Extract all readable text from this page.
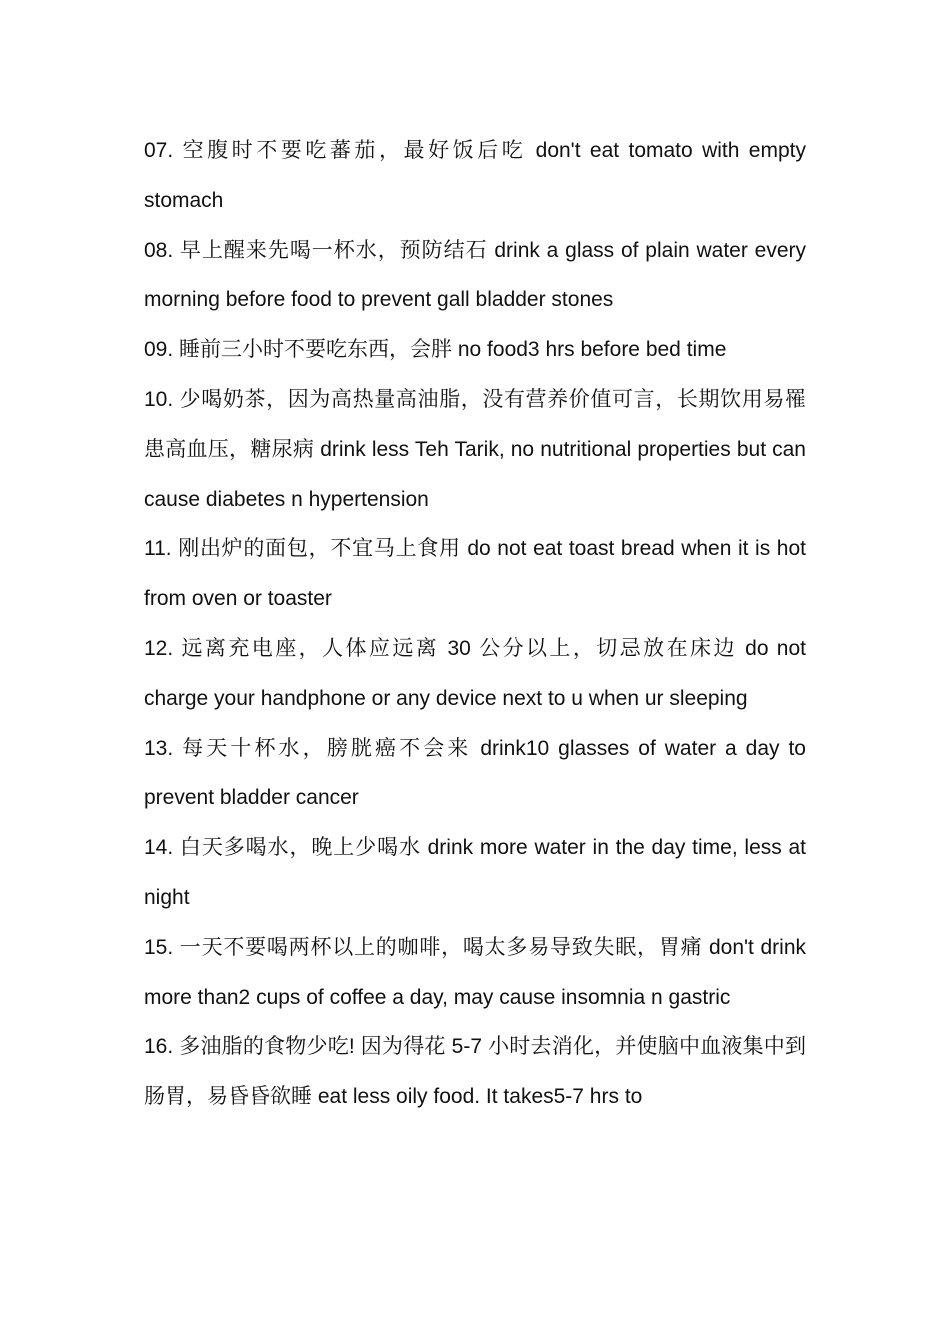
07. 空腹时不要吃蕃茄，最好饭后吃 don't eat tomato with empty stomach

08. 早上醒来先喝一杯水，预防结石 drink a glass of plain water every morning before food to prevent gall bladder stones

09. 睡前三小时不要吃东西，会胖 no food3 hrs before bed time

10. 少喝奶茶，因为高热量高油脂，没有营养价值可言，长期饮用易罹患高血压，糖尿病 drink less Teh Tarik, no nutritional properties but can cause diabetes n hypertension

11. 刚出炉的面包，不宜马上食用 do not eat toast bread when it is hot from oven or toaster

12. 远离充电座，人体应远离 30 公分以上，切忌放在床边 do not charge your handphone or any device next to u when ur sleeping

13. 每天十杯水，膀胱癌不会来 drink10 glasses of water a day to prevent bladder cancer

14. 白天多喝水，晚上少喝水 drink more water in the day time, less at night

15. 一天不要喝两杯以上的咖啡，喝太多易导致失眠，胃痛 don't drink more than2 cups of coffee a day, may cause insomnia n gastric

16. 多油脂的食物少吃! 因为得花 5-7 小时去消化，并使脑中血液集中到肠胃，易昏昏欲睡 eat less oily food. It takes5-7 hrs to
